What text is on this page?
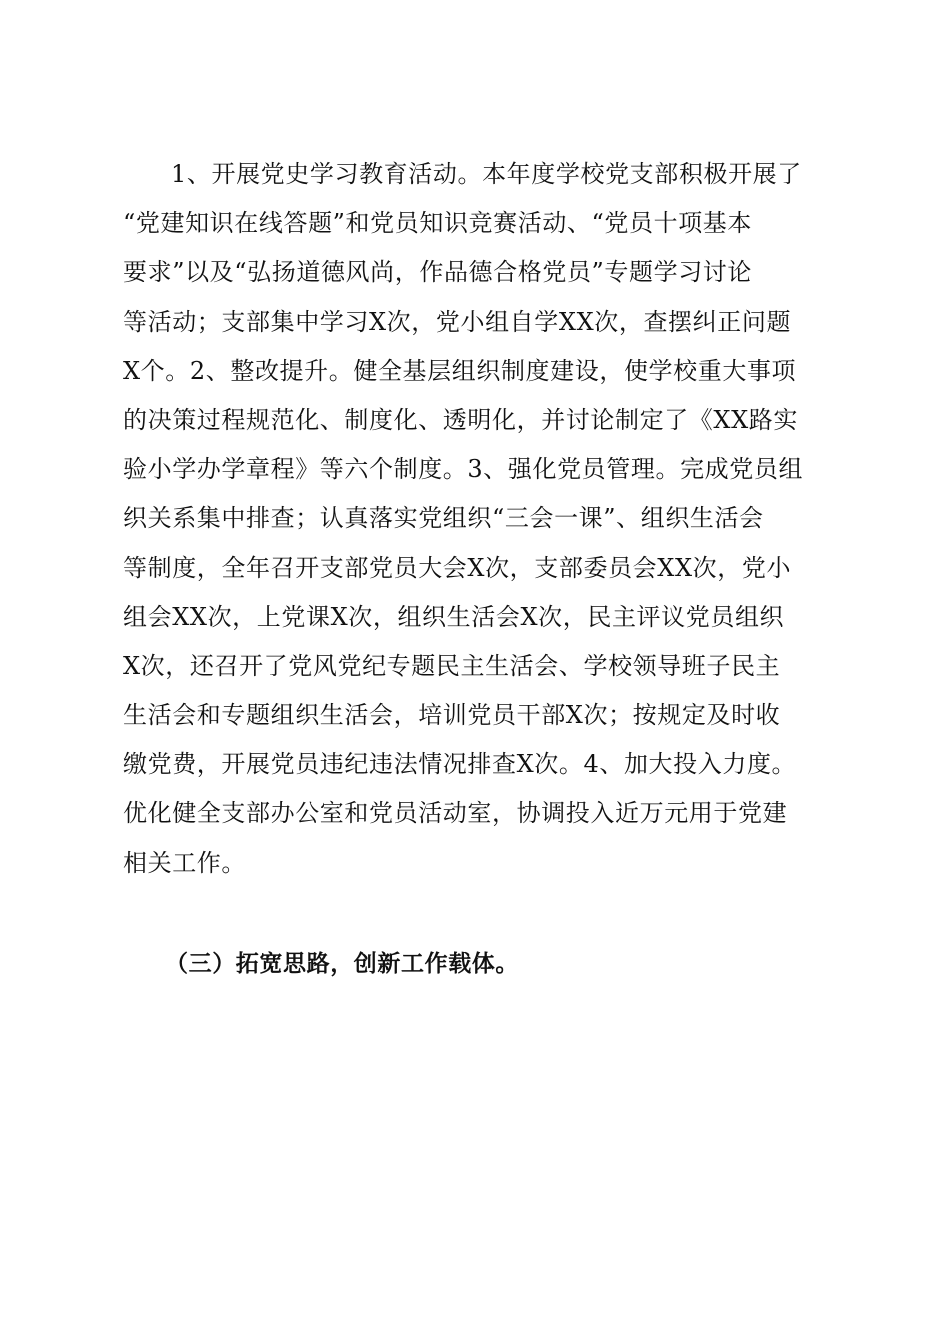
1、开展党史学习教育活动。本年度学校党支部积极开展了
“党建知识在线答题”和党员知识竞赛活动、“党员十项基本
要求”以及“弘扬道德风尚，作品德合格党员”专题学习讨论
等活动；支部集中学习X次，党小组自学XX次，查摆纠正问题
X个。2、整改提升。健全基层组织制度建设，使学校重大事项
的决策过程规范化、制度化、透明化，并讨论制定了《XX路实
验小学办学章程》等六个制度。3、强化党员管理。完成党员组
织关系集中排查；认真落实党组织“三会一课”、组织生活会
等制度，全年召开支部党员大会X次，支部委员会XX次，党小
组会XX次，上党课X次，组织生活会X次，民主评议党员组织
X次，还召开了党风党纪专题民主生活会、学校领导班子民主
生活会和专题组织生活会，培训党员干部X次；按规定及时收
缴党费，开展党员违纪违法情况排查X次。4、加大投入力度。
优化健全支部办公室和党员活动室，协调投入近万元用于党建
相关工作。

（三）拓宽思路，创新工作载体。
